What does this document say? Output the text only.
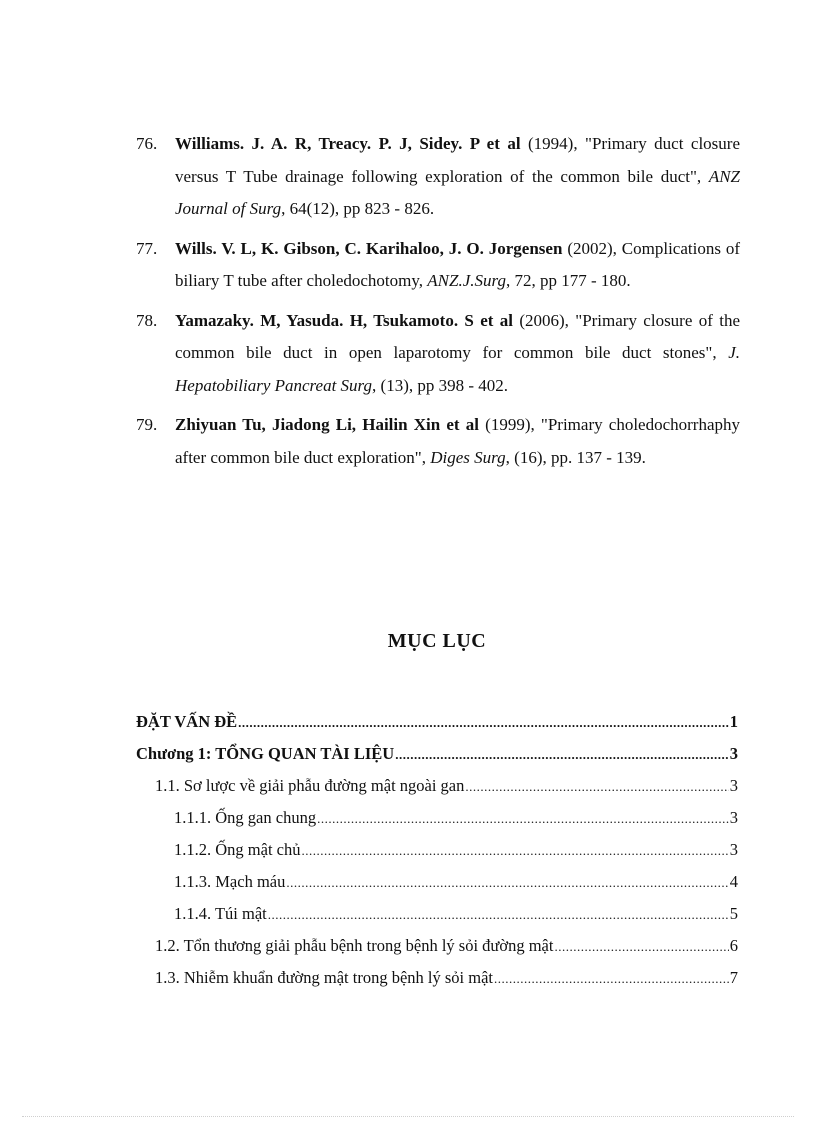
76.	Williams. J. A. R, Treacy. P. J, Sidey. P et al (1994), "Primary duct closure versus T Tube drainage following exploration of the common bile duct", ANZ Journal of Surg, 64(12), pp 823 - 826.
77.	Wills. V. L, K. Gibson, C. Karihaloo, J. O. Jorgensen (2002), Complications of biliary T tube after choledochotomy, ANZ.J.Surg, 72, pp 177 - 180.
78.	Yamazaky. M, Yasuda. H, Tsukamoto. S et al (2006), "Primary closure of the common bile duct in open laparotomy for common bile duct stones", J. Hepatobiliary Pancreat Surg, (13), pp 398 - 402.
79.	Zhiyuan Tu, Jiadong Li, Hailin Xin et al (1999), "Primary choledochorrhaphy after common bile duct exploration", Diges Surg, (16), pp. 137 - 139.
MỤC LỤC
ĐẶT VẤN ĐỀ .....	1
Chương 1: TỔNG QUAN TÀI LIỆU .....	3
1.1. Sơ lược về giải phẫu đường mật ngoài gan .....	3
1.1.1. Ống gan chung .....	3
1.1.2. Ống mật chủ .....	3
1.1.3. Mạch máu .....	4
1.1.4. Túi mật .....	5
1.2. Tổn thương giải phẫu bệnh trong bệnh lý sỏi đường mật .....	6
1.3. Nhiễm khuẩn đường mật trong bệnh lý sỏi mật .....	7
